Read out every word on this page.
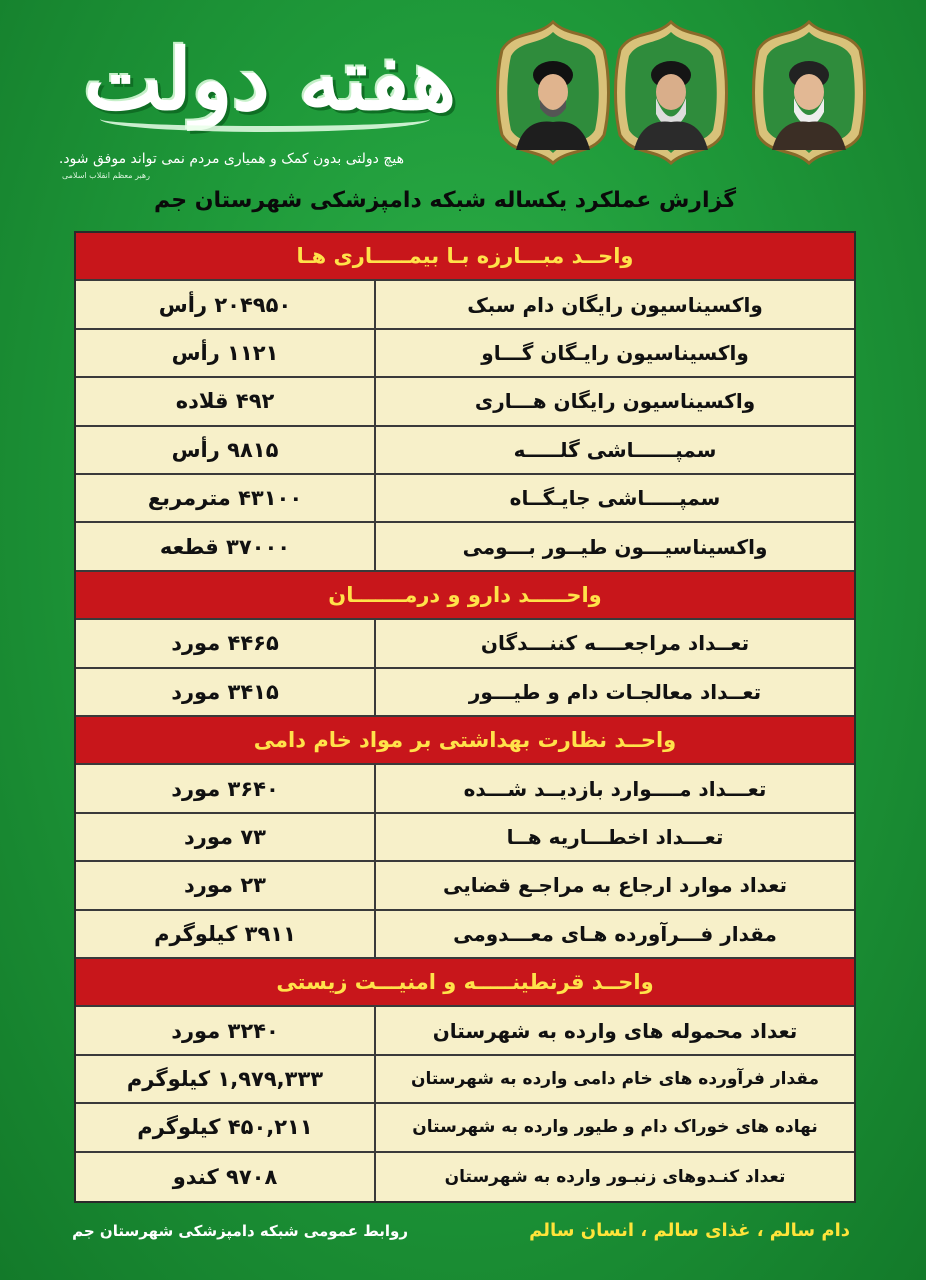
هفته دولت
هیچ دولتی بدون کمک و همیاری مردم نمی تواند موفق شود.
رهبر معظم انقلاب اسلامی
گزارش عملکرد یکساله شبکه دامپزشکی شهرستان جم
واحــد مبـــارزه بـا بیمـــــاری هـا
واکسیناسیون رایگان دام سبک
۲۰۴۹۵۰ رأس
واکسیناسیون رایـگان گـــاو
۱۱۲۱ رأس
واکسیناسیون رایگان هـــاری
۴۹۲ قلاده
سمپــــــاشی گلـــــه
۹۸۱۵ رأس
سمپـــــاشی جایـگــاه
۴۳۱۰۰ مترمربع
واکسیناسیـــون طیــور بـــومی
۳۷۰۰۰ قطعه
واحـــــد دارو و درمـــــــان
تعــداد مراجعــــه کننـــدگان
۴۴۶۵ مورد
تعــداد معالجـات دام و طیـــور
۳۴۱۵ مورد
واحــد نظارت بهداشتی بر مواد خام دامی
تعـــداد مــــوارد بازدیــد شـــده
۳۶۴۰ مورد
تعـــداد اخطـــاریه هــا
۷۳ مورد
تعداد موارد ارجاع به مراجـع قضایی
۲۳ مورد
مقدار فـــرآورده هـای معـــدومی
۳۹۱۱ کیلوگرم
واحــد قرنطینـــــه و امنیـــت زیستی
تعداد محموله های وارده به شهرستان
۳۲۴۰ مورد
مقدار فرآورده های خام دامی وارده به شهرستان
۱,۹۷۹,۳۳۳ کیلوگرم
نهاده های خوراک دام و طیور وارده به شهرستان
۴۵۰,۲۱۱ کیلوگرم
تعداد کنـدوهای زنبـور وارده به شهرستان
۹۷۰۸ کندو
دام سالم ، غذای سالم ، انسان سالم
روابط عمومی شبکه دامپزشکی شهرستان جم
